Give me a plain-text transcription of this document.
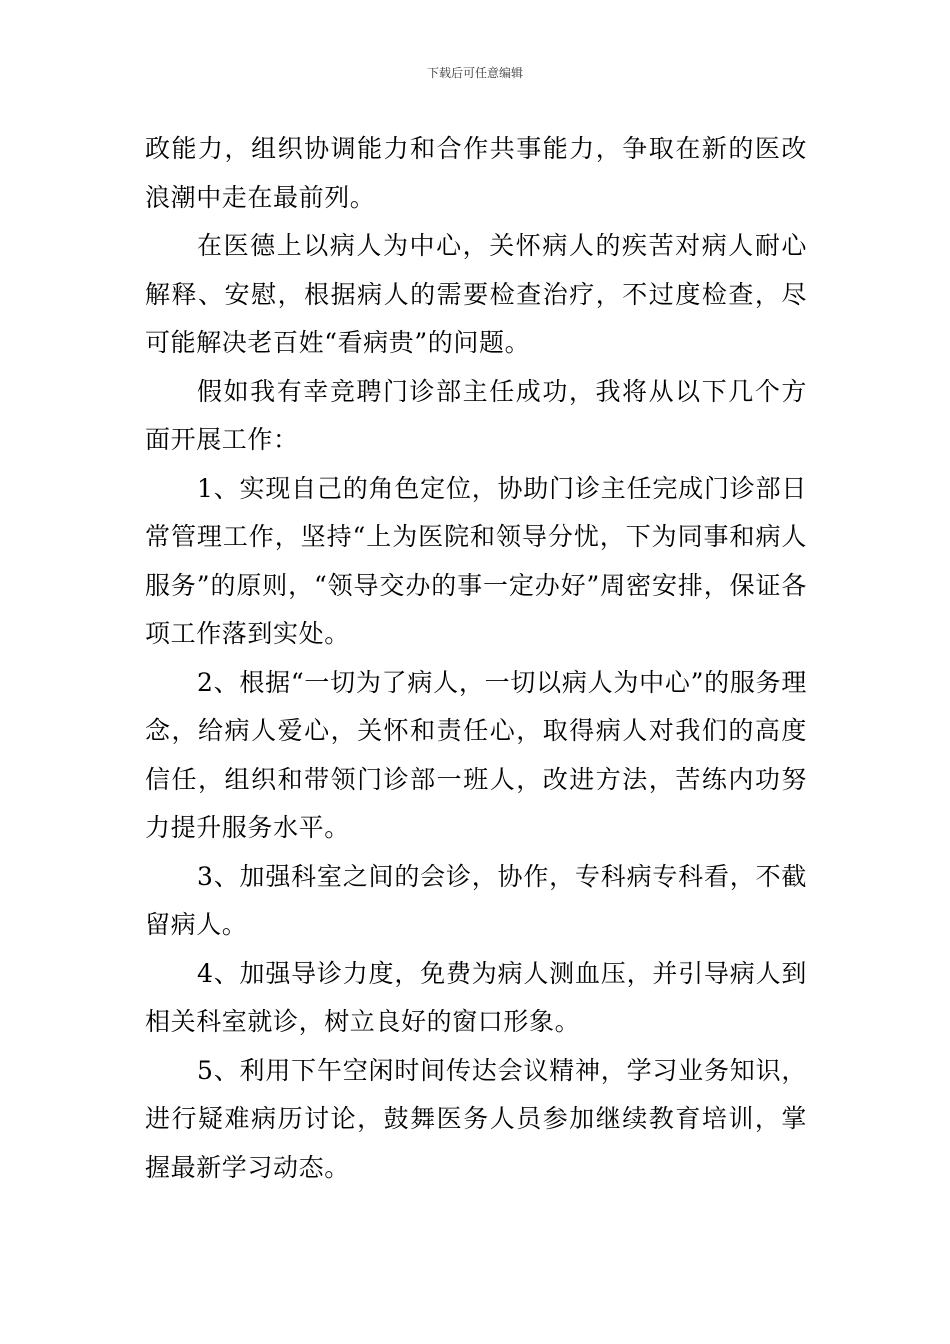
下载后可任意编辑

政能力，组织协调能力和合作共事能力，争取在新的医改浪潮中走在最前列。

在医德上以病人为中心，关怀病人的疾苦对病人耐心解释、安慰，根据病人的需要检查治疗，不过度检查，尽可能解决老百姓“看病贵”的问题。

假如我有幸竞聘门诊部主任成功，我将从以下几个方面开展工作：

1、实现自己的角色定位，协助门诊主任完成门诊部日常管理工作，坚持“上为医院和领导分忧，下为同事和病人服务”的原则，“领导交办的事一定办好”周密安排，保证各项工作落到实处。

2、根据“一切为了病人，一切以病人为中心”的服务理念，给病人爱心，关怀和责任心，取得病人对我们的高度信任，组织和带领门诊部一班人，改进方法，苦练内功努力提升服务水平。

3、加强科室之间的会诊，协作，专科病专科看，不截留病人。

4、加强导诊力度，免费为病人测血压，并引导病人到相关科室就诊，树立良好的窗口形象。

5、利用下午空闲时间传达会议精神，学习业务知识，进行疑难病历讨论，鼓舞医务人员参加继续教育培训，掌握最新学习动态。
